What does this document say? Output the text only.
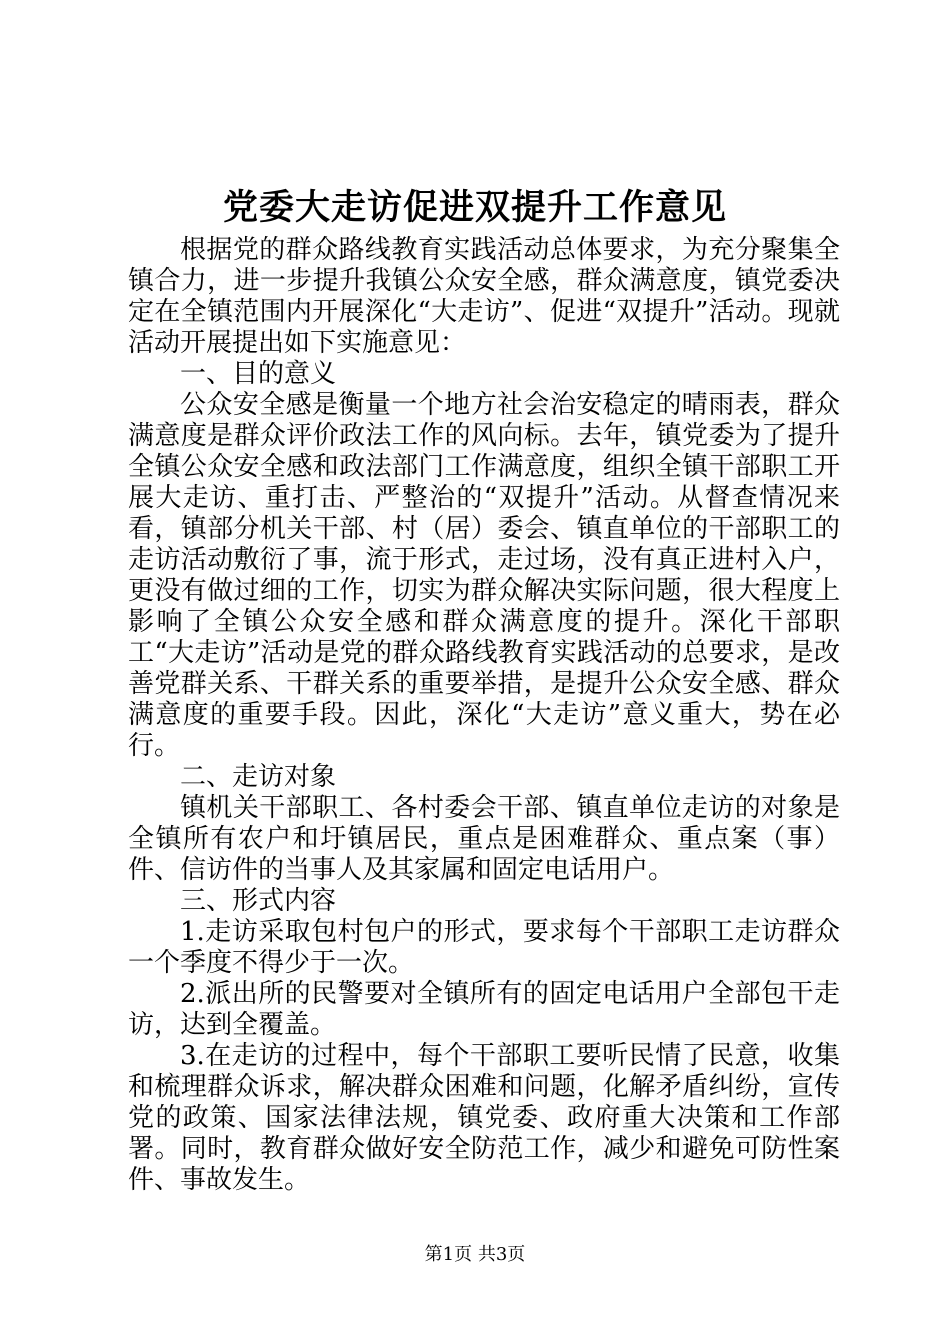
党委大走访促进双提升工作意见

根据党的群众路线教育实践活动总体要求，为充分聚集全镇合力，进一步提升我镇公众安全感，群众满意度，镇党委决定在全镇范围内开展深化“大走访”、促进“双提升”活动。现就活动开展提出如下实施意见：

一、目的意义

公众安全感是衡量一个地方社会治安稳定的晴雨表，群众满意度是群众评价政法工作的风向标。去年，镇党委为了提升全镇公众安全感和政法部门工作满意度，组织全镇干部职工开展大走访、重打击、严整治的“双提升”活动。从督查情况来看，镇部分机关干部、村（居）委会、镇直单位的干部职工的走访活动敷衍了事，流于形式，走过场，没有真正进村入户，更没有做过细的工作，切实为群众解决实际问题，很大程度上影响了全镇公众安全感和群众满意度的提升。深化干部职工“大走访”活动是党的群众路线教育实践活动的总要求，是改善党群关系、干群关系的重要举措，是提升公众安全感、群众满意度的重要手段。因此，深化“大走访”意义重大，势在必行。

二、走访对象

镇机关干部职工、各村委会干部、镇直单位走访的对象是全镇所有农户和圩镇居民，重点是困难群众、重点案（事）件、信访件的当事人及其家属和固定电话用户。

三、形式内容

1.走访采取包村包户的形式，要求每个干部职工走访群众一个季度不得少于一次。

2.派出所的民警要对全镇所有的固定电话用户全部包干走访，达到全覆盖。

3.在走访的过程中，每个干部职工要听民情了民意，收集和梳理群众诉求，解决群众困难和问题，化解矛盾纠纷，宣传党的政策、国家法律法规，镇党委、政府重大决策和工作部署。同时，教育群众做好安全防范工作，减少和避免可防性案件、事故发生。

第1页 共3页
